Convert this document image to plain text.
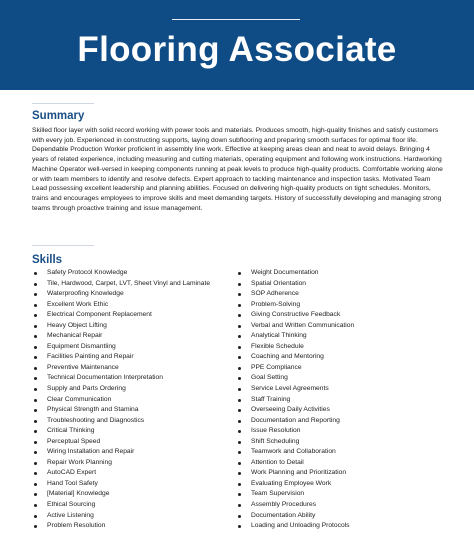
Flooring Associate
Summary
Skilled floor layer with solid record working with power tools and materials. Produces smooth, high-quality finishes and satisfy customers with every job. Experienced in constructing supports, laying down subflooring and preparing smooth surfaces for optimal floor life. Dependable Production Worker proficient in assembly line work. Effective at keeping areas clean and neat to avoid delays. Bringing 4 years of related experience, including measuring and cutting materials, operating equipment and following work instructions. Hardworking Machine Operator well-versed in keeping components running at peak levels to produce high-quality products. Comfortable working alone or with team members to identify and resolve defects. Expert approach to tackling maintenance and inspection tasks. Motivated Team Lead possessing excellent leadership and planning abilities. Focused on delivering high-quality products on tight schedules. Monitors, trains and encourages employees to improve skills and meet demanding targets. History of successfully developing and managing strong teams through proactive training and issue management.
Skills
Safety Protocol Knowledge
Tile, Hardwood, Carpet, LVT, Sheet Vinyl and Laminate
Waterproofing Knowledge
Excellent Work Ethic
Electrical Component Replacement
Heavy Object Lifting
Mechanical Repair
Equipment Dismantling
Facilities Painting and Repair
Preventive Maintenance
Technical Documentation Interpretation
Supply and Parts Ordering
Clear Communication
Physical Strength and Stamina
Troubleshooting and Diagnostics
Critical Thinking
Perceptual Speed
Wiring Installation and Repair
Repair Work Planning
AutoCAD Expert
Hand Tool Safety
[Material] Knowledge
Ethical Sourcing
Active Listening
Problem Resolution
Weight Documentation
Spatial Orientation
SOP Adherence
Problem-Solving
Giving Constructive Feedback
Verbal and Written Communication
Analytical Thinking
Flexible Schedule
Coaching and Mentoring
PPE Compliance
Goal Setting
Service Level Agreements
Staff Training
Overseeing Daily Activities
Documentation and Reporting
Issue Resolution
Shift Scheduling
Teamwork and Collaboration
Attention to Detail
Work Planning and Prioritization
Evaluating Employee Work
Team Supervision
Assembly Procedures
Documentation Ability
Loading and Unloading Protocols
